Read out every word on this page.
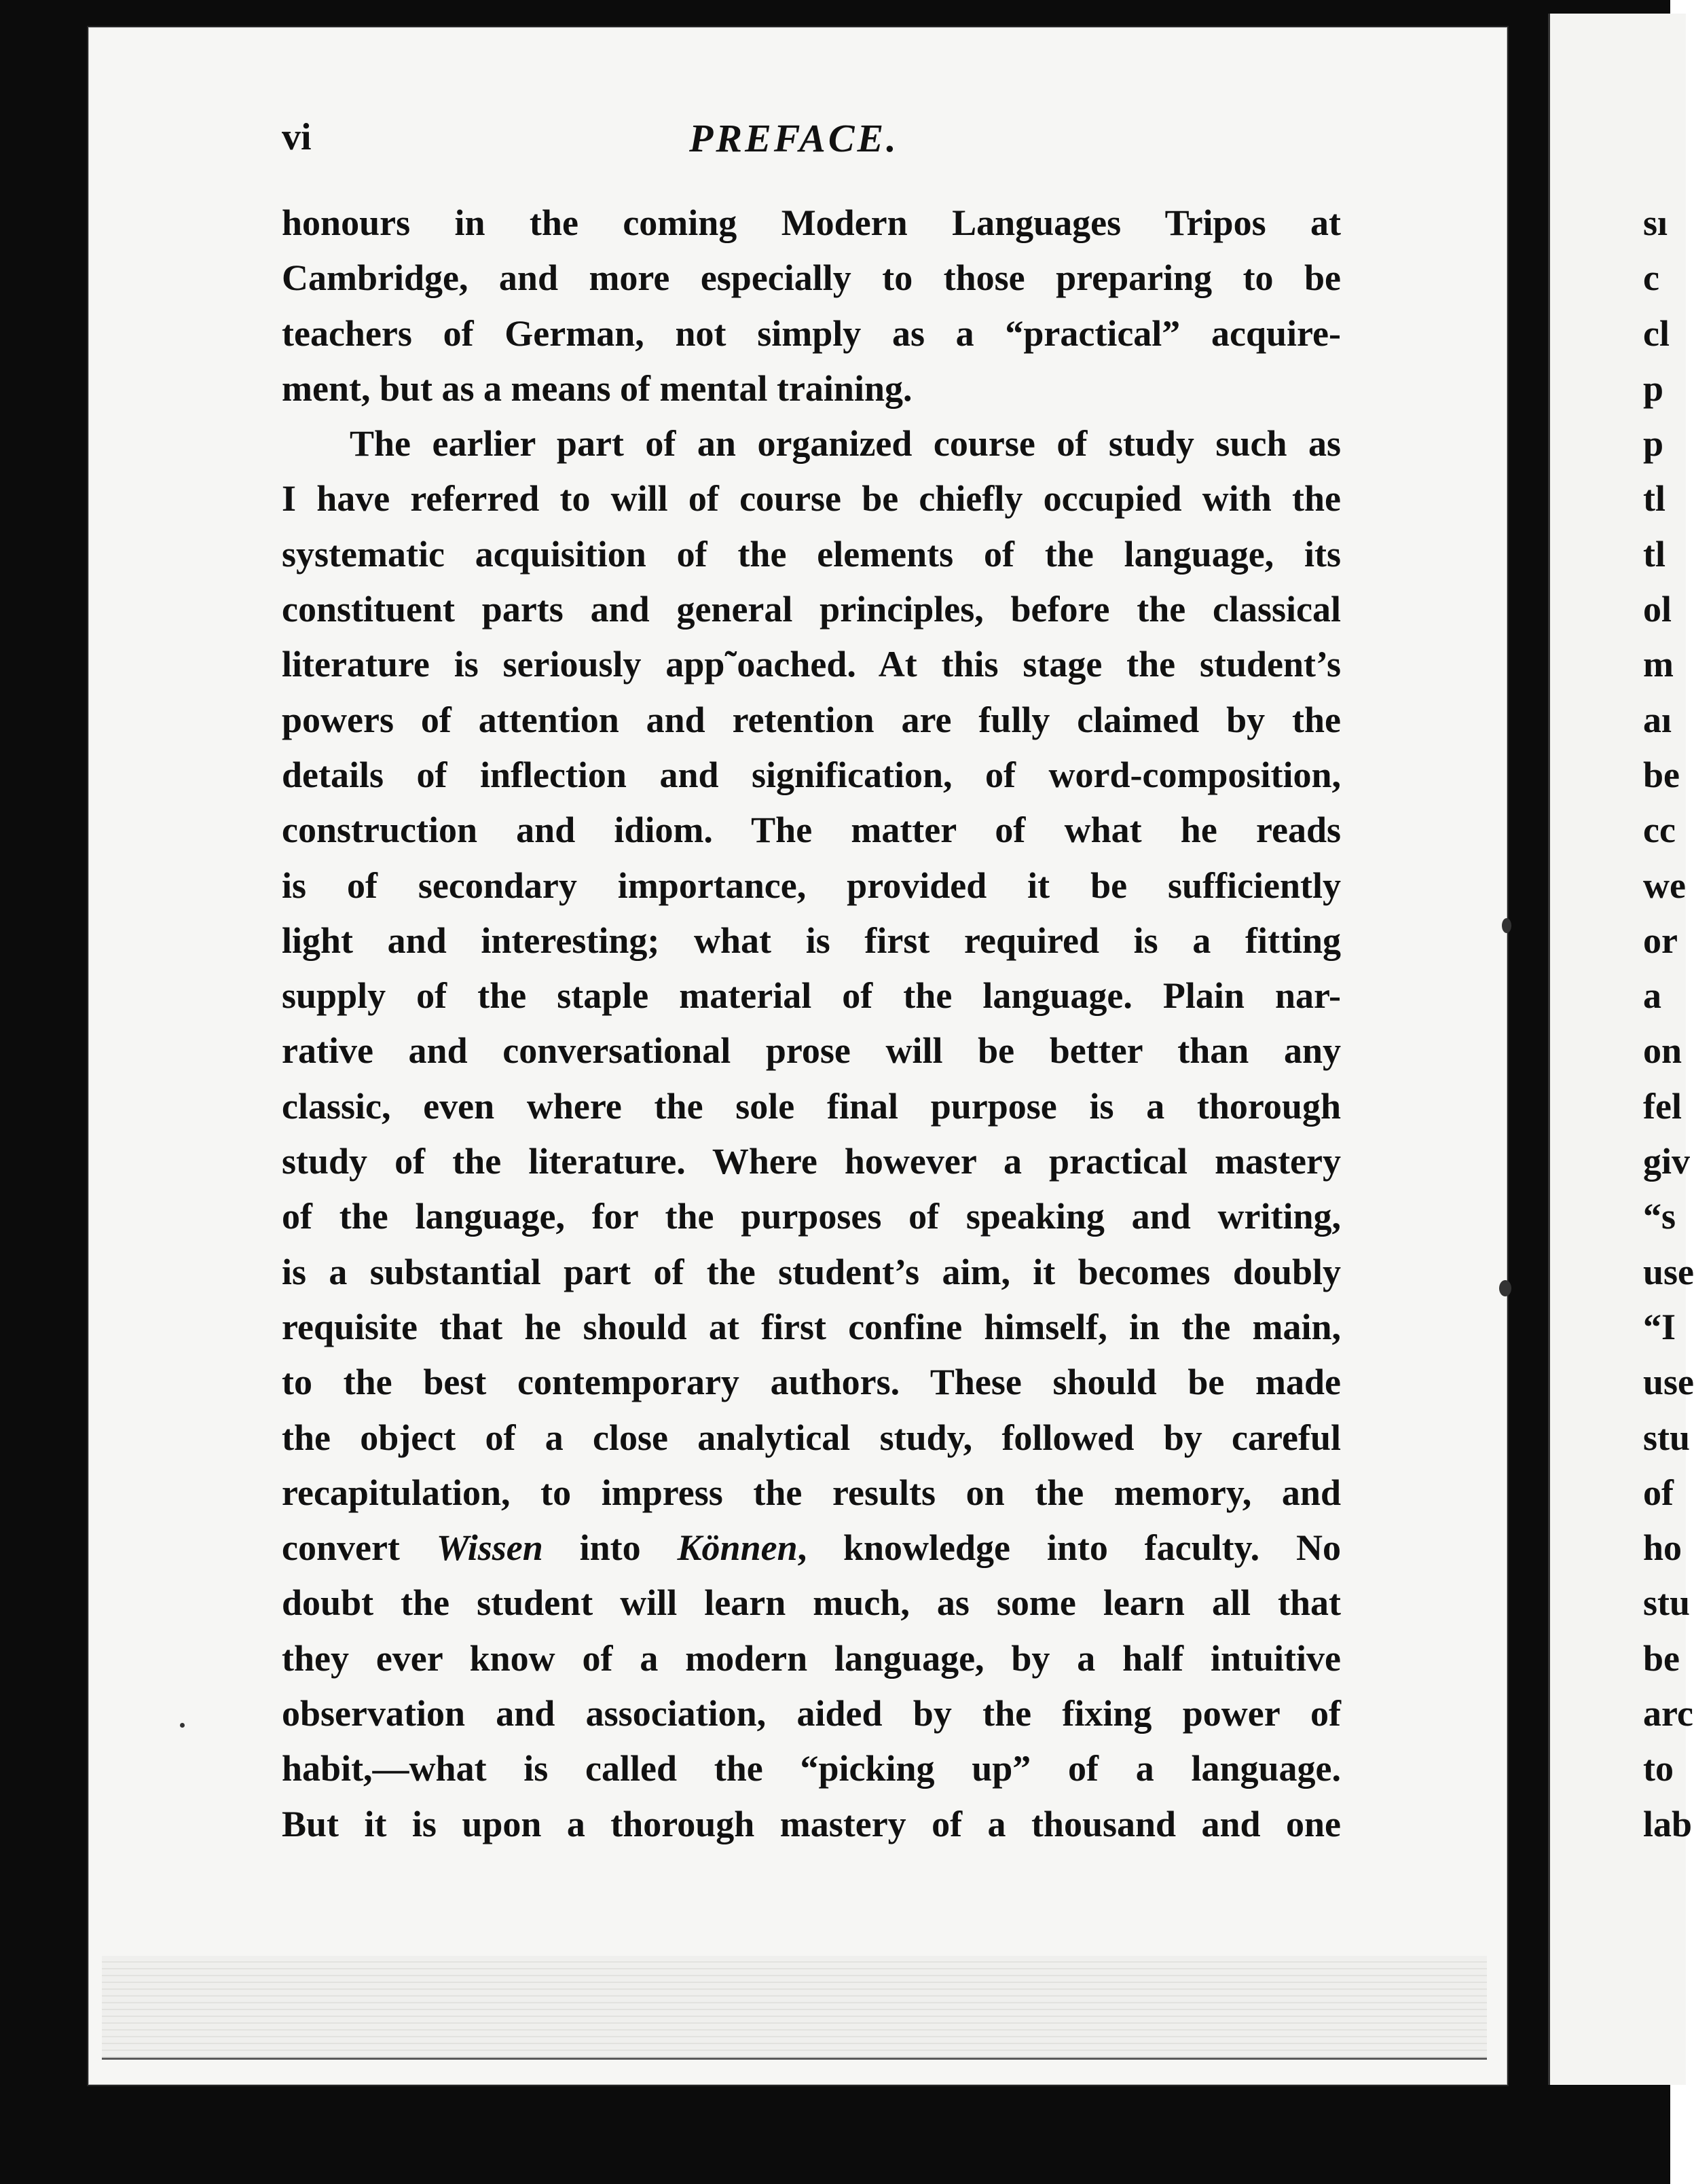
vi	PREFACE.
honours in the coming Modern Languages Tripos at
Cambridge, and more especially to those preparing to be
teachers of German, not simply as a “practical” acquire-
ment, but as a means of mental training.
The earlier part of an organized course of study such as
I have referred to will of course be chiefly occupied with the
systematic acquisition of the elements of the language, its
constituent parts and general principles, before the classical
literature is seriously app˜oached. At this stage the student’s
powers of attention and retention are fully claimed by the
details of inflection and signification, of word-composition,
construction and idiom. The matter of what he reads
is of secondary importance, provided it be sufficiently
light and interesting; what is first required is a fitting
supply of the staple material of the language. Plain nar-
rative and conversational prose will be better than any
classic, even where the sole final purpose is a thorough
study of the literature. Where however a practical mastery
of the language, for the purposes of speaking and writing,
is a substantial part of the student’s aim, it becomes doubly
requisite that he should at first confine himself, in the main,
to the best contemporary authors. These should be made
the object of a close analytical study, followed by careful
recapitulation, to impress the results on the memory, and
convert Wissen into Können, knowledge into faculty. No
doubt the student will learn much, as some learn all that
they ever know of a modern language, by a half intuitive
observation and association, aided by the fixing power of
habit,—what is called the “picking up” of a language.
But it is upon a thorough mastery of a thousand and one
sı
c
cl
p
p
tl
tl
ol
m
aı
be
cc
we
or
a
on
fel
giv
“s
use
“I
use
stu
of
ho
stu
be
arc
to
lab
